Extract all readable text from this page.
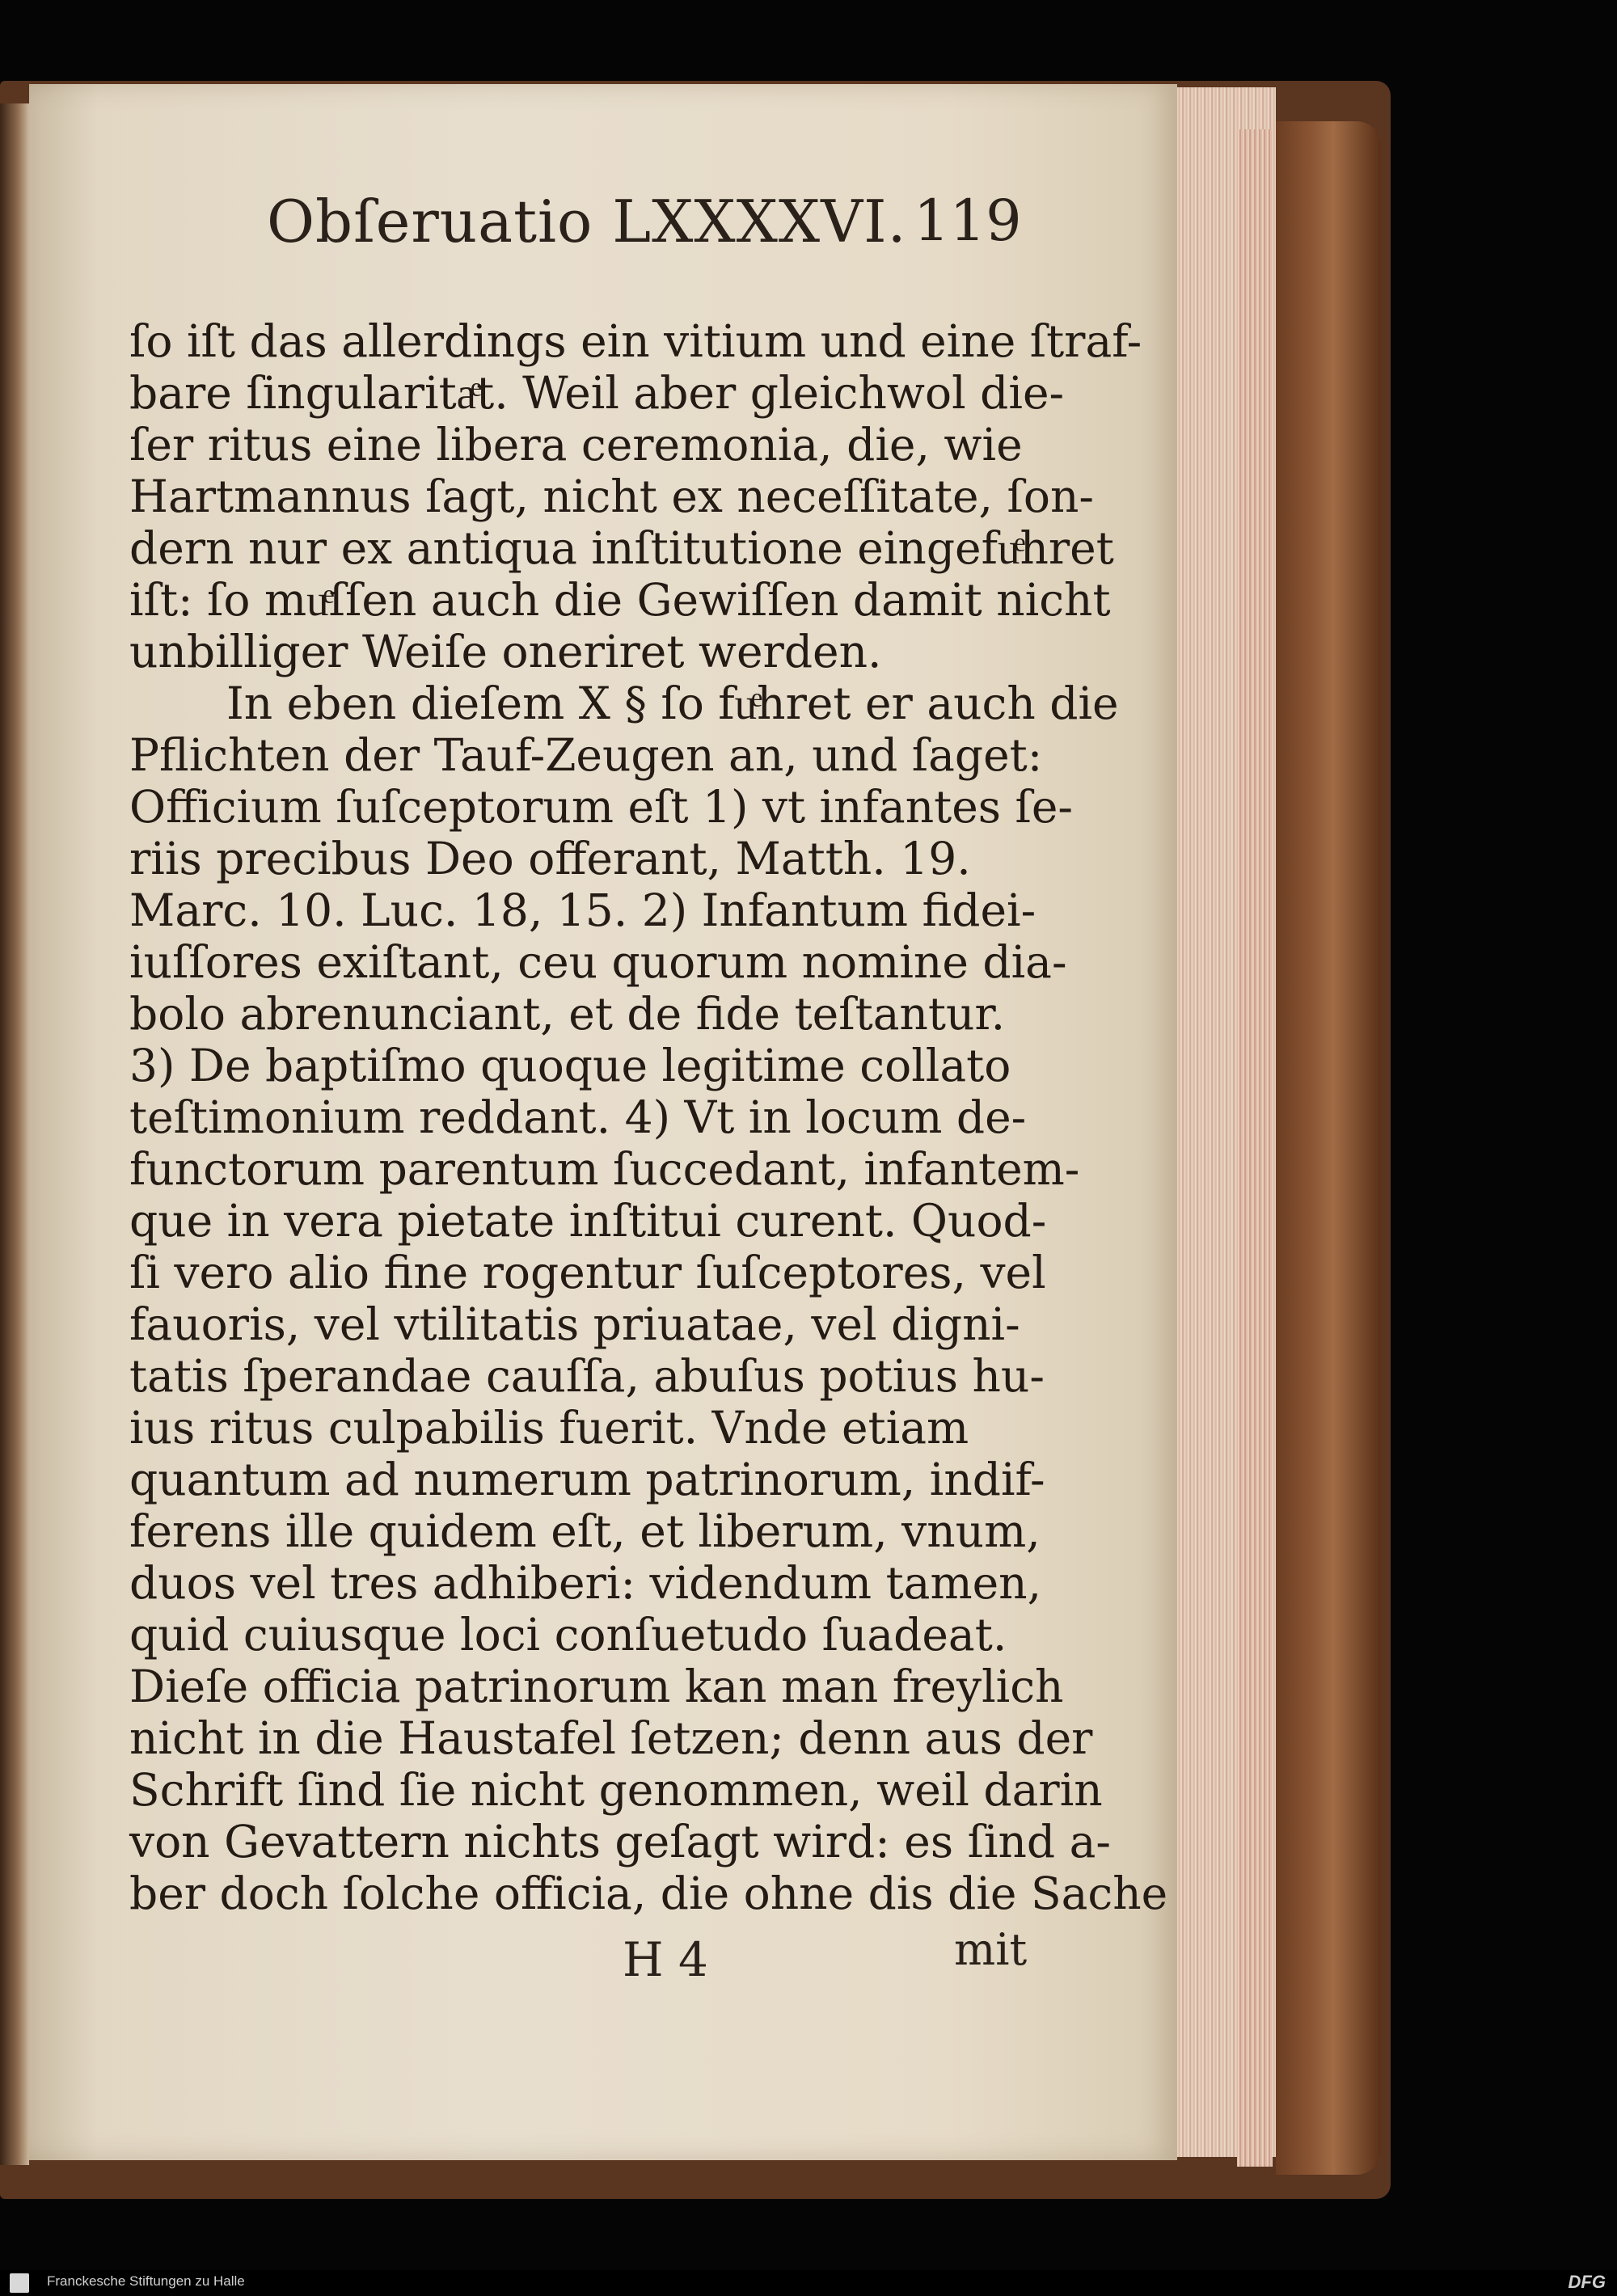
Obſeruatio LXXXXVI. 119
ſo iſt das allerdings ein vitium und eine ſtraf-
bare ſingularitaͤt. Weil aber gleichwol die-
ſer ritus eine libera ceremonia, die, wie
Hartmannus ſagt, nicht ex neceſſitate, ſon-
dern nur ex antiqua inſtitutione eingefuͤhret
iſt: ſo muͤſſen auch die Gewiſſen damit nicht
unbilliger Weiſe oneriret werden.
In eben dieſem X § ſo fuͤhret er auch die
Pflichten der Tauf-Zeugen an, und ſaget:
Officium ſuſceptorum eſt 1) vt infantes ſe-
riis precibus Deo offerant, Matth. 19.
Marc. 10. Luc. 18, 15. 2) Infantum fidei-
iuſſores exiſtant, ceu quorum nomine dia-
bolo abrenunciant, et de fide teſtantur.
3) De baptiſmo quoque legitime collato
teſtimonium reddant. 4) Vt in locum de-
functorum parentum ſuccedant, infantem-
que in vera pietate inſtitui curent. Quod-
ſi vero alio fine rogentur ſuſceptores, vel
fauoris, vel vtilitatis priuatae, vel digni-
tatis ſperandae cauſſa, abuſus potius hu-
ius ritus culpabilis fuerit. Vnde etiam
quantum ad numerum patrinorum, indif-
ferens ille quidem eſt, et liberum, vnum,
duos vel tres adhiberi: videndum tamen,
quid cuiusque loci conſuetudo ſuadeat.
Dieſe officia patrinorum kan man freylich
nicht in die Haustafel ſetzen; denn aus der
Schrift ſind ſie nicht genommen, weil darin
von Gevattern nichts geſagt wird: es ſind a-
ber doch ſolche officia, die ohne dis die Sache
H 4	mit
Franckesche Stiftungen zu Halle	DFG
